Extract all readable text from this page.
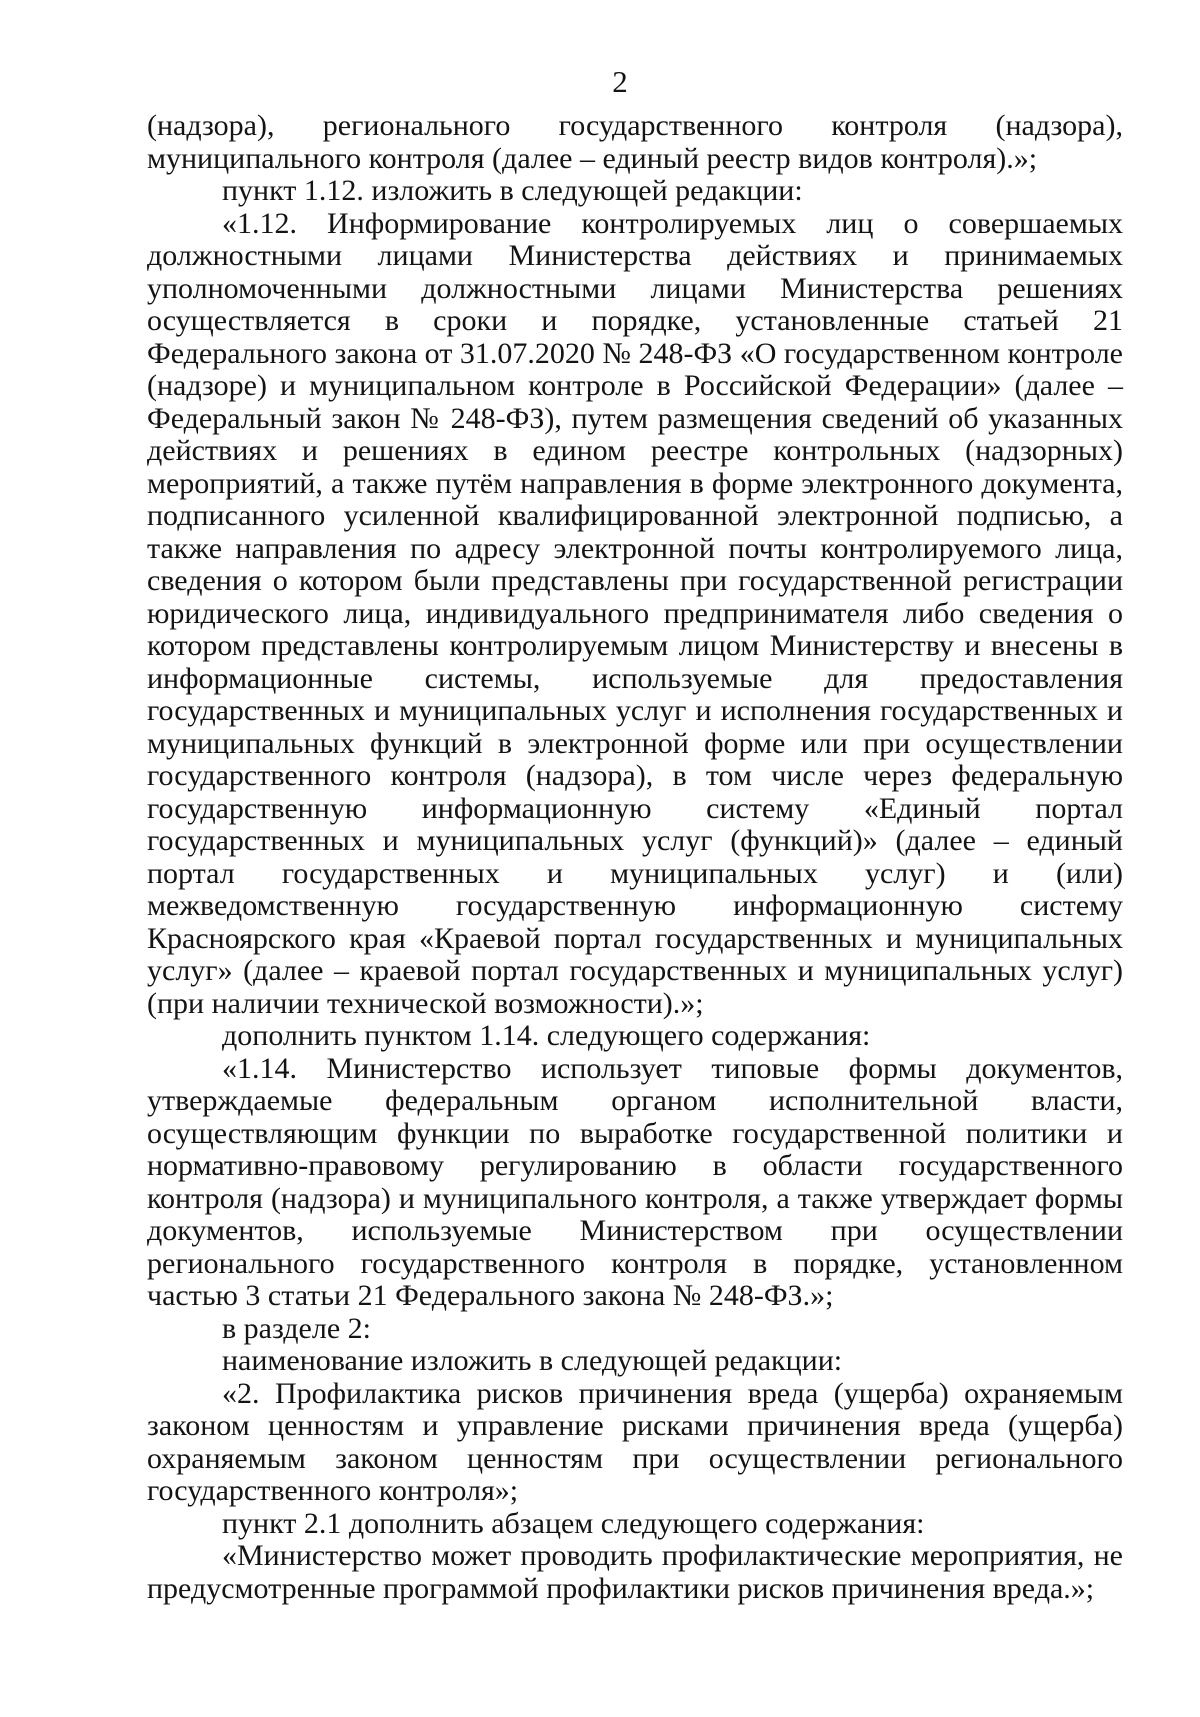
2

(надзора), регионального государственного контроля (надзора), муниципального контроля (далее – единый реестр видов контроля).»;

пункт 1.12. изложить в следующей редакции:

«1.12. Информирование контролируемых лиц о совершаемых должностными лицами Министерства действиях и принимаемых уполномоченными должностными лицами Министерства решениях осуществляется в сроки и порядке, установленные статьей 21 Федерального закона от 31.07.2020 № 248-ФЗ «О государственном контроле (надзоре) и муниципальном контроле в Российской Федерации» (далее – Федеральный закон № 248-ФЗ), путем размещения сведений об указанных действиях и решениях в едином реестре контрольных (надзорных) мероприятий, а также путём направления в форме электронного документа, подписанного усиленной квалифицированной электронной подписью, а также направления по адресу электронной почты контролируемого лица, сведения о котором были представлены при государственной регистрации юридического лица, индивидуального предпринимателя либо сведения о котором представлены контролируемым лицом Министерству и внесены в информационные системы, используемые для предоставления государственных и муниципальных услуг и исполнения государственных и муниципальных функций в электронной форме или при осуществлении государственного контроля (надзора), в том числе через федеральную государственную информационную систему «Единый портал государственных и муниципальных услуг (функций)» (далее – единый портал государственных и муниципальных услуг) и (или) межведомственную государственную информационную систему Красноярского края «Краевой портал государственных и муниципальных услуг» (далее – краевой портал государственных и муниципальных услуг) (при наличии технической возможности).»;

дополнить пунктом 1.14. следующего содержания:

«1.14. Министерство использует типовые формы документов, утверждаемые федеральным органом исполнительной власти, осуществляющим функции по выработке государственной политики и нормативно-правовому регулированию в области государственного контроля (надзора) и муниципального контроля, а также утверждает формы документов, используемые Министерством при осуществлении регионального государственного контроля в порядке, установленном частью 3 статьи 21 Федерального закона № 248-ФЗ.»;

в разделе 2:

наименование изложить в следующей редакции:

«2. Профилактика рисков причинения вреда (ущерба) охраняемым законом ценностям и управление рисками причинения вреда (ущерба) охраняемым законом ценностям при осуществлении регионального государственного контроля»;

пункт 2.1 дополнить абзацем следующего содержания:

«Министерство может проводить профилактические мероприятия, не предусмотренные программой профилактики рисков причинения вреда.»;
